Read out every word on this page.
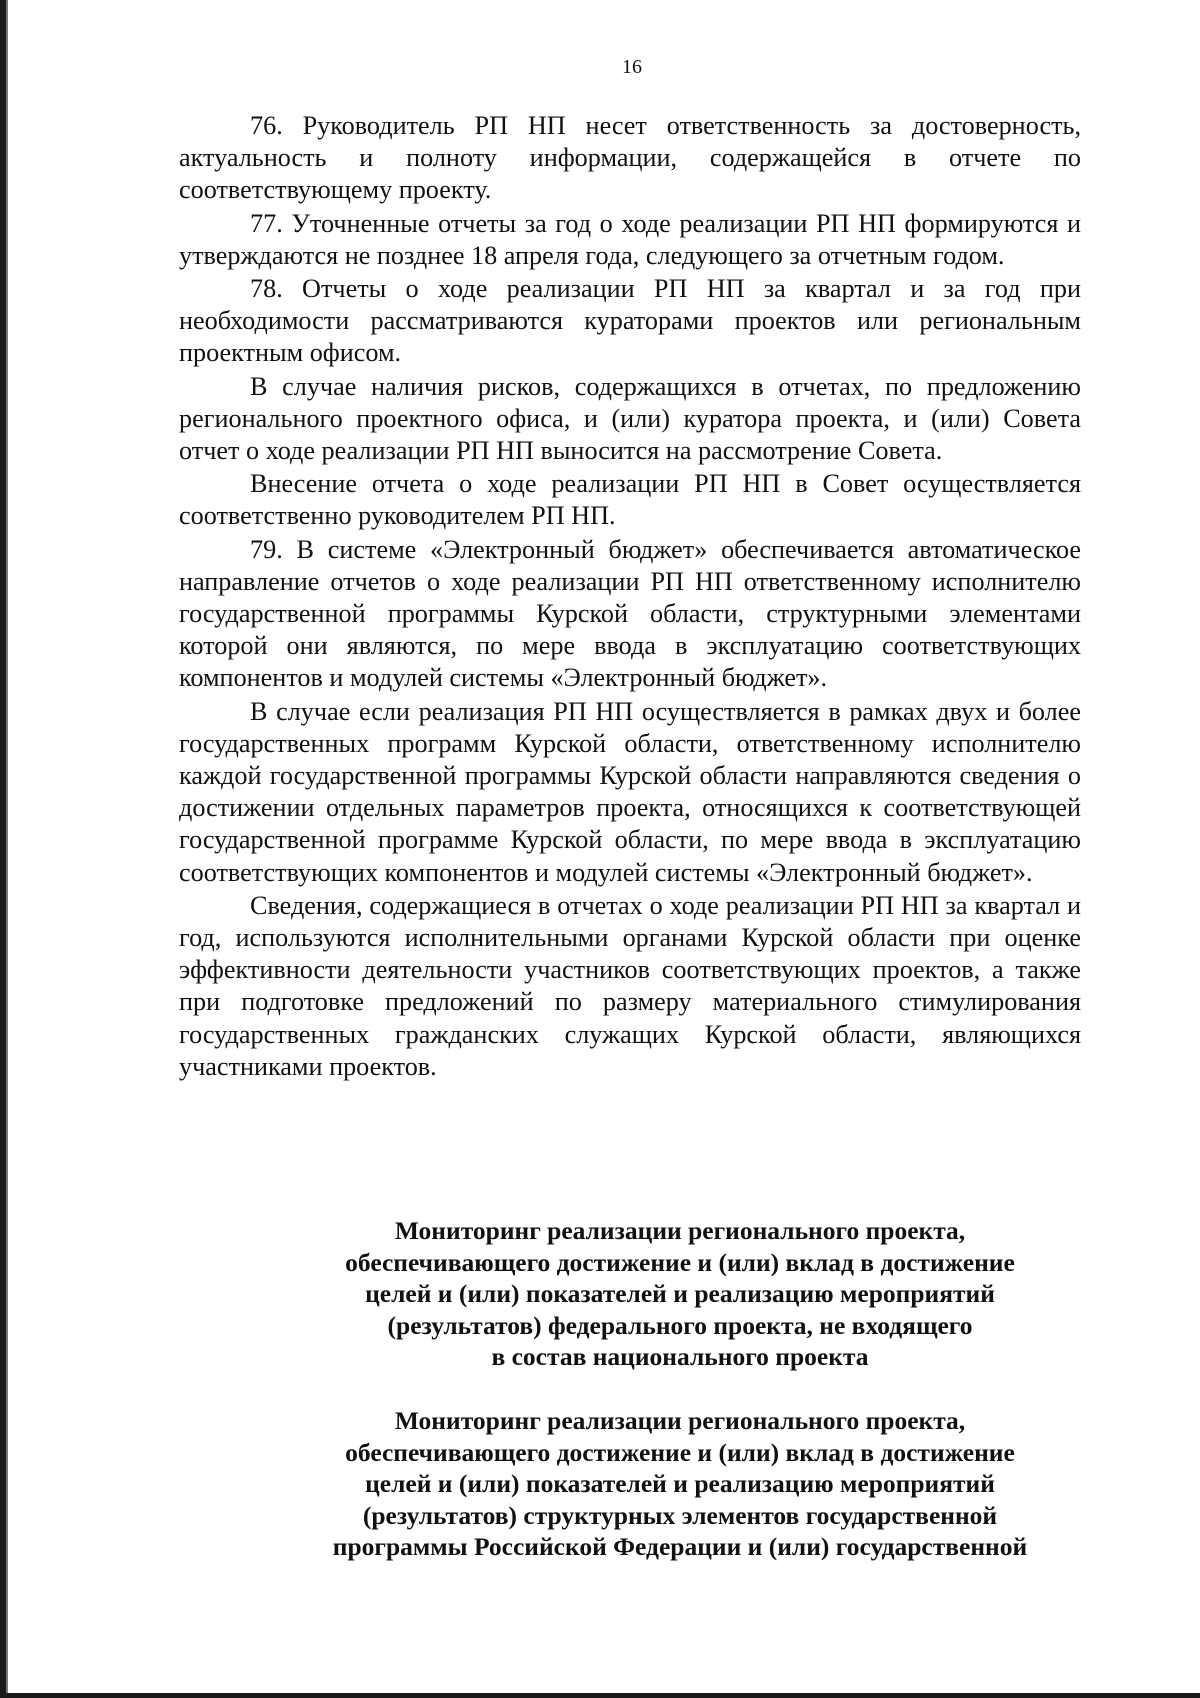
16

76. Руководитель РП НП несет ответственность за достоверность, актуальность и полноту информации, содержащейся в отчете по соответствующему проекту.

77. Уточненные отчеты за год о ходе реализации РП НП формируются и утверждаются не позднее 18 апреля года, следующего за отчетным годом.

78. Отчеты о ходе реализации РП НП за квартал и за год при необходимости рассматриваются кураторами проектов или региональным проектным офисом.

В случае наличия рисков, содержащихся в отчетах, по предложению регионального проектного офиса, и (или) куратора проекта, и (или) Совета отчет о ходе реализации РП НП выносится на рассмотрение Совета.

Внесение отчета о ходе реализации РП НП в Совет осуществляется соответственно руководителем РП НП.

79. В системе «Электронный бюджет» обеспечивается автоматическое направление отчетов о ходе реализации РП НП ответственному исполнителю государственной программы Курской области, структурными элементами которой они являются, по мере ввода в эксплуатацию соответствующих компонентов и модулей системы «Электронный бюджет».

В случае если реализация РП НП осуществляется в рамках двух и более государственных программ Курской области, ответственному исполнителю каждой государственной программы Курской области направляются сведения о достижении отдельных параметров проекта, относящихся к соответствующей государственной программе Курской области, по мере ввода в эксплуатацию соответствующих компонентов и модулей системы «Электронный бюджет».

Сведения, содержащиеся в отчетах о ходе реализации РП НП за квартал и год, используются исполнительными органами Курской области при оценке эффективности деятельности участников соответствующих проектов, а также при подготовке предложений по размеру материального стимулирования государственных гражданских служащих Курской области, являющихся участниками проектов.

Мониторинг реализации регионального проекта,
обеспечивающего достижение и (или) вклад в достижение
целей и (или) показателей и реализацию мероприятий
(результатов) федерального проекта, не входящего
в состав национального проекта
Мониторинг реализации регионального проекта,
обеспечивающего достижение и (или) вклад в достижение
целей и (или) показателей и реализацию мероприятий
(результатов) структурных элементов государственной
программы Российской Федерации и (или) государственной
